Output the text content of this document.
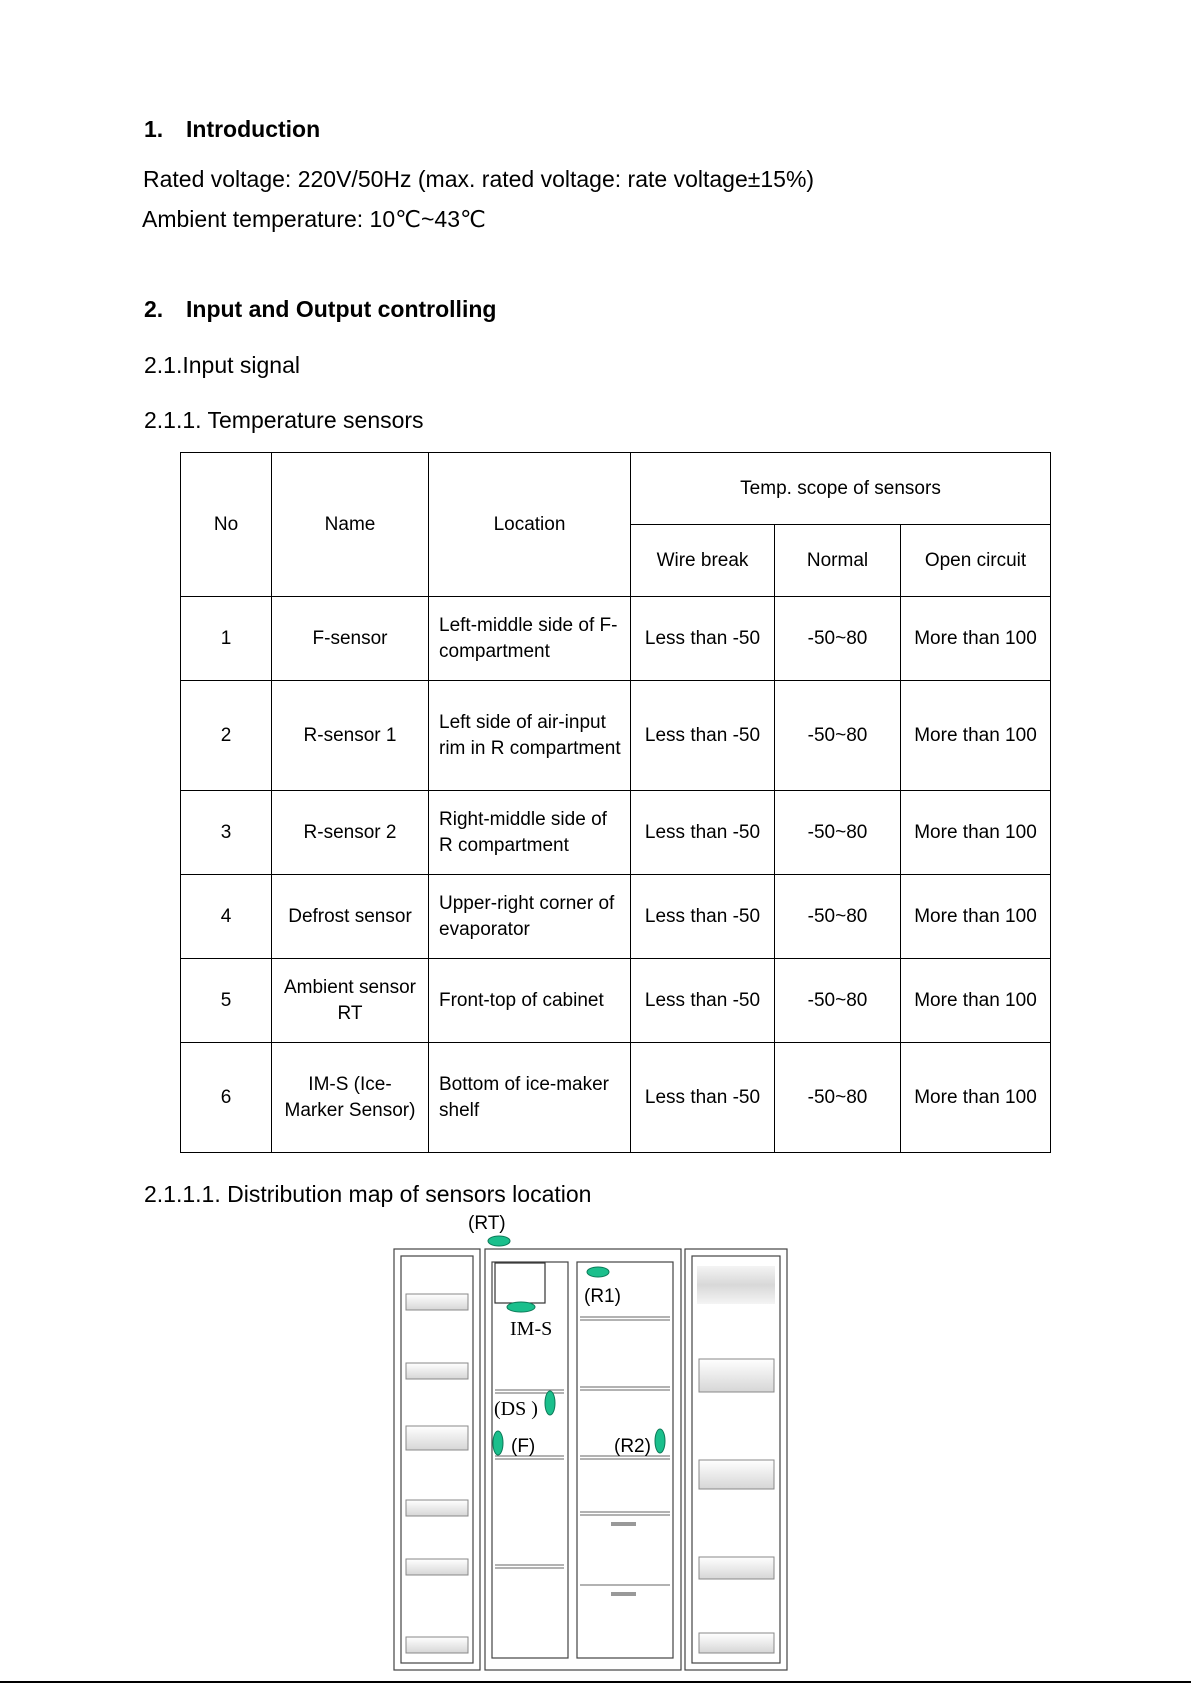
1. Introduction
Rated voltage: 220V/50Hz (max. rated voltage: rate voltage±15%)
Ambient temperature: 10℃~43℃
2. Input and Output controlling
2.1.Input signal
2.1.1. Temperature sensors
No	Name	Location	Temp. scope of sensors		
			Wire break	Normal	Open circuit
1	F-sensor	Left-middle side of F-compartment	Less than -50	-50~80	More than 100
2	R-sensor 1	Left side of air-input rim in R compartment	Less than -50	-50~80	More than 100
3	R-sensor 2	Right-middle side of R compartment	Less than -50	-50~80	More than 100
4	Defrost sensor	Upper-right corner of evaporator	Less than -50	-50~80	More than 100
5	Ambient sensor RT	Front-top of cabinet	Less than -50	-50~80	More than 100
6	IM-S (Ice-Marker Sensor)	Bottom of ice-maker shelf	Less than -50	-50~80	More than 100
2.1.1.1. Distribution map of sensors location
(RT)
(R1)
IM-S
(DS )
(F)	(R2)
